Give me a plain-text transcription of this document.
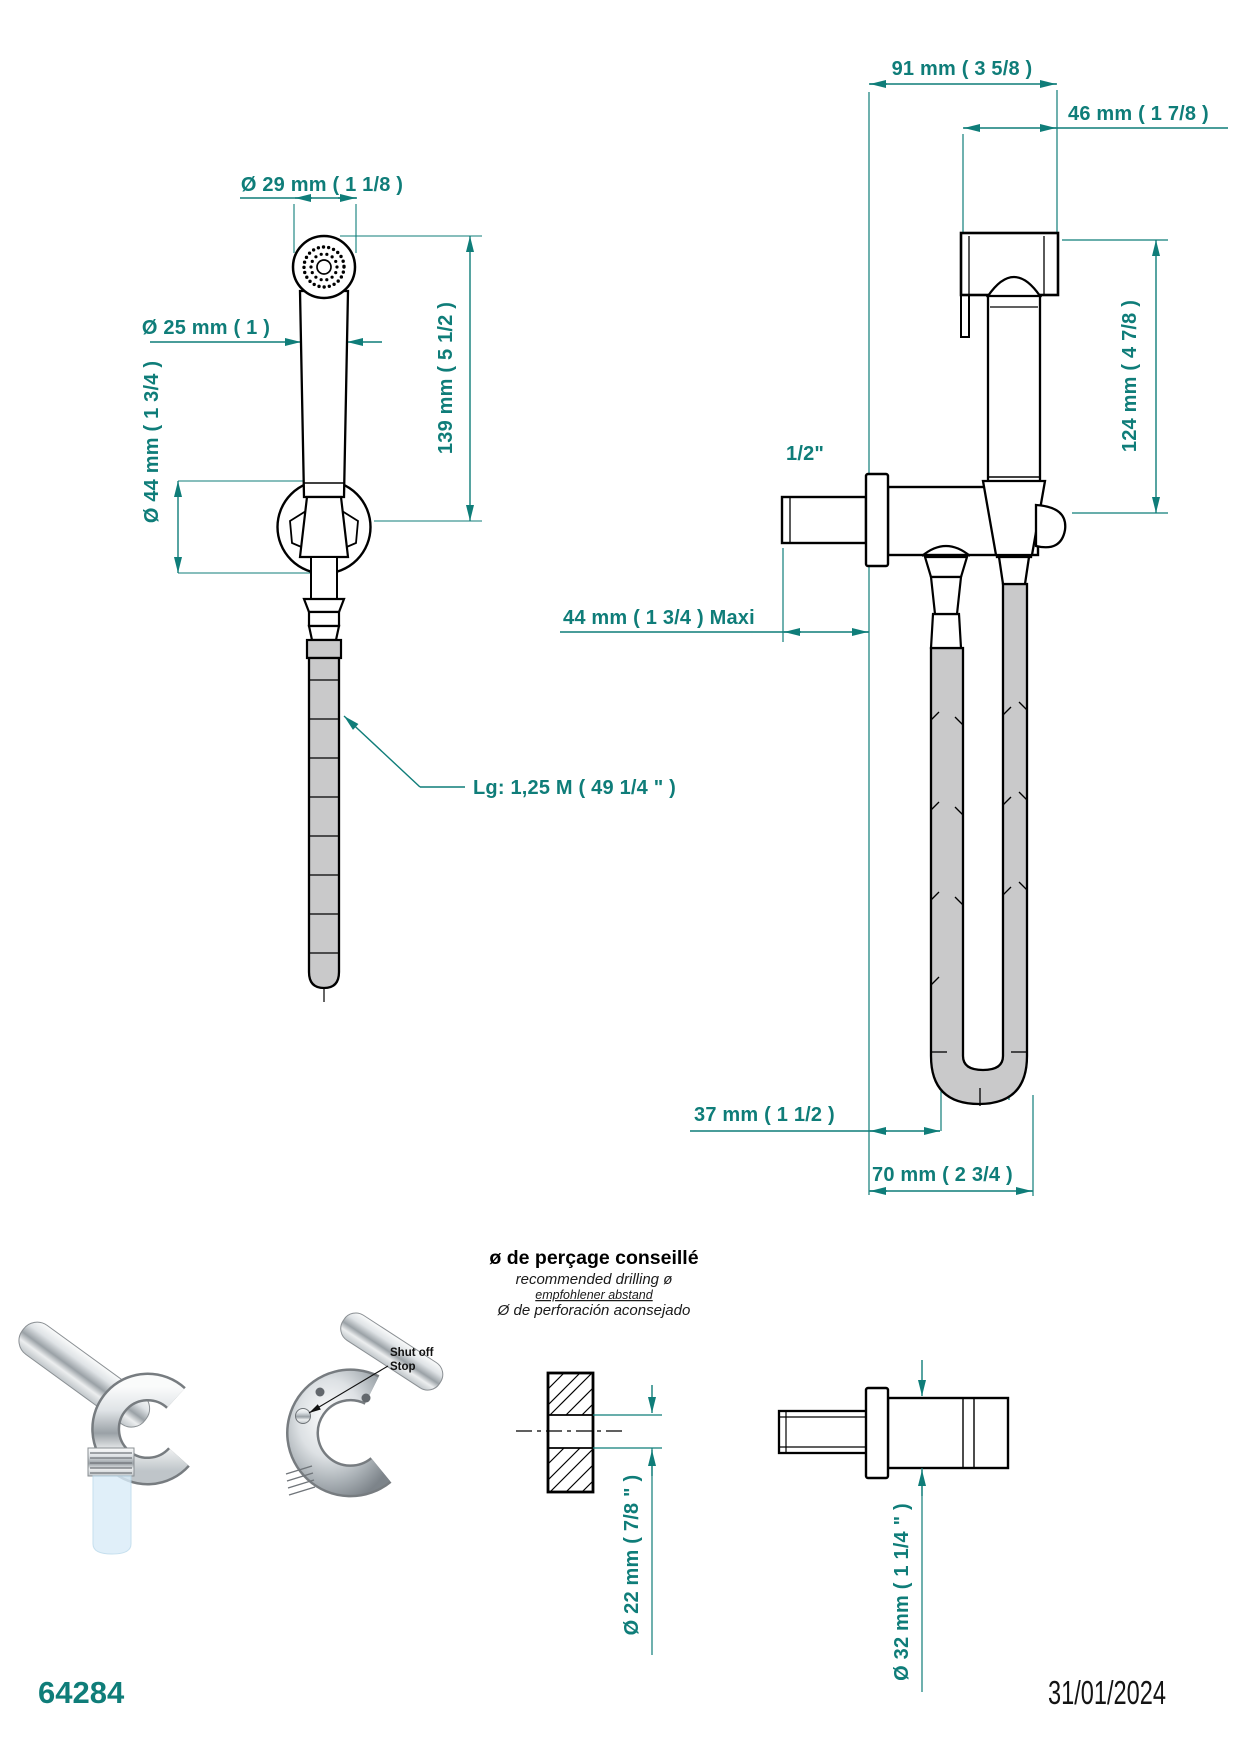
Ø 29 mm ( 1 1/8 )
Ø 25 mm ( 1 )	139 mm ( 5 1/2 )
Ø 44 mm ( 1 3/4 )
Lg: 1,25 M ( 49 1/4 " )
91 mm ( 3 5/8 )
46 mm ( 1 7/8 )
124 mm ( 4 7/8 )
1/2"
44 mm ( 1 3/4 ) Maxi
37 mm ( 1 1/2 )
70 mm ( 2 3/4 )
Shut off
Stop
ø de perçage conseillé
recommended drilling ø
empfohlener abstand
Ø de perforación aconsejado
Ø 22 mm ( 7/8 " )	Ø 32 mm ( 1 1/4 " )
64284	31/01/2024
